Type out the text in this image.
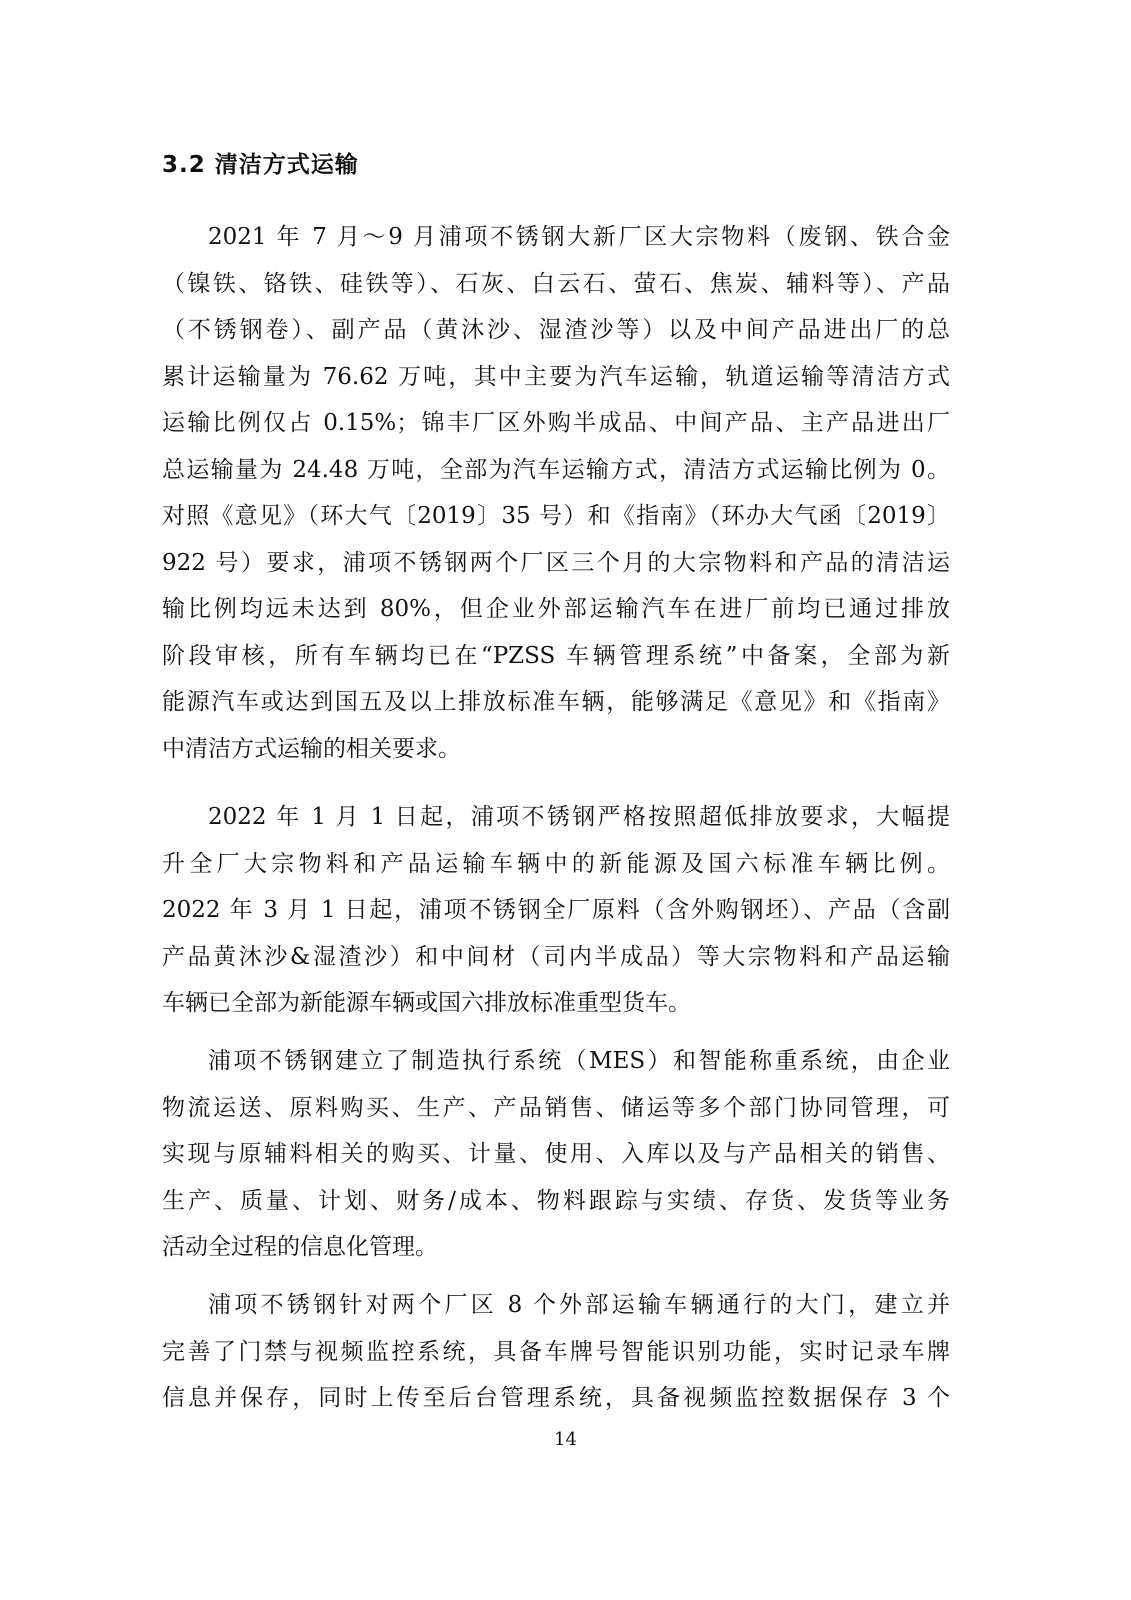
3.2 清洁方式运输
2021 年 7 月～9 月浦项不锈钢大新厂区大宗物料（废钢、铁合金
（镍铁、铬铁、硅铁等）、石灰、白云石、萤石、焦炭、辅料等）、产品
（不锈钢卷）、副产品（黄沐沙、湿渣沙等）以及中间产品进出厂的总
累计运输量为 76.62 万吨，其中主要为汽车运输，轨道运输等清洁方式
运输比例仅占 0.15%；锦丰厂区外购半成品、中间产品、主产品进出厂
总运输量为 24.48 万吨，全部为汽车运输方式，清洁方式运输比例为 0。
对照《意见》（环大气〔2019〕35 号）和《指南》（环办大气函〔2019〕
922 号）要求，浦项不锈钢两个厂区三个月的大宗物料和产品的清洁运
输比例均远未达到 80%，但企业外部运输汽车在进厂前均已通过排放
阶段审核，所有车辆均已在“PZSS 车辆管理系统”中备案，全部为新
能源汽车或达到国五及以上排放标准车辆，能够满足《意见》和《指南》
中清洁方式运输的相关要求。
2022 年 1 月 1 日起，浦项不锈钢严格按照超低排放要求，大幅提
升全厂大宗物料和产品运输车辆中的新能源及国六标准车辆比例。
2022 年 3 月 1 日起，浦项不锈钢全厂原料（含外购钢坯）、产品（含副
产品黄沐沙&湿渣沙）和中间材（司内半成品）等大宗物料和产品运输
车辆已全部为新能源车辆或国六排放标准重型货车。
浦项不锈钢建立了制造执行系统（MES）和智能称重系统，由企业
物流运送、原料购买、生产、产品销售、储运等多个部门协同管理，可
实现与原辅料相关的购买、计量、使用、入库以及与产品相关的销售、
生产、质量、计划、财务/成本、物料跟踪与实绩、存货、发货等业务
活动全过程的信息化管理。
浦项不锈钢针对两个厂区 8 个外部运输车辆通行的大门，建立并
完善了门禁与视频监控系统，具备车牌号智能识别功能，实时记录车牌
信息并保存，同时上传至后台管理系统，具备视频监控数据保存 3 个

14
